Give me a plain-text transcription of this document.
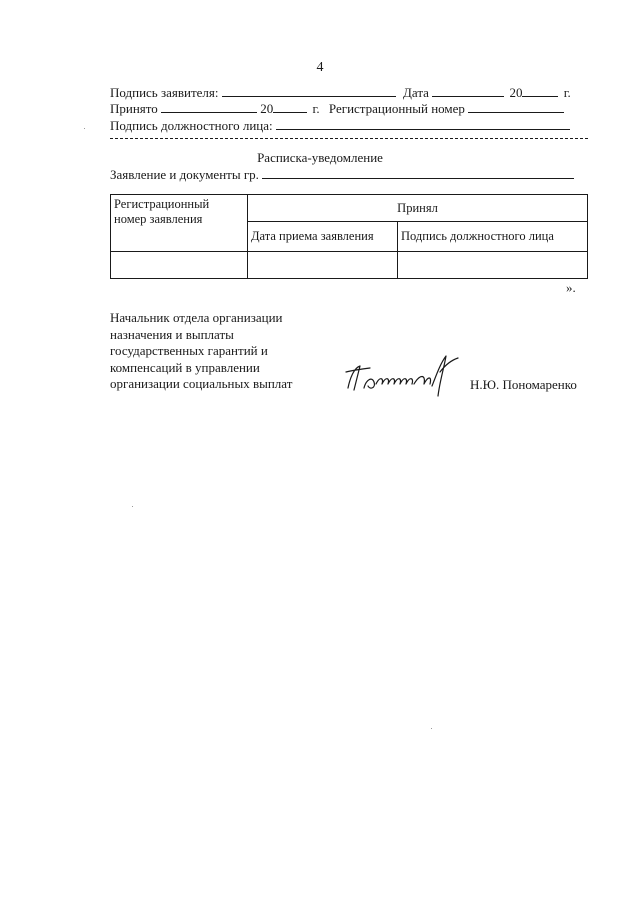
4
Подпись заявителя:	Дата	20	г.
Принято	20	г. Регистрационный номер
Подпись должностного лица:
Расписка-уведомление
Заявление и документы гр.
Регистрационный номер заявления	Принял	
	Дата приема заявления	Подпись должностного лица

».
Начальник отдела организации
назначения и выплаты
государственных гарантий и
компенсаций в управлении
организации социальных выплат	Н.Ю. Пономаренко
